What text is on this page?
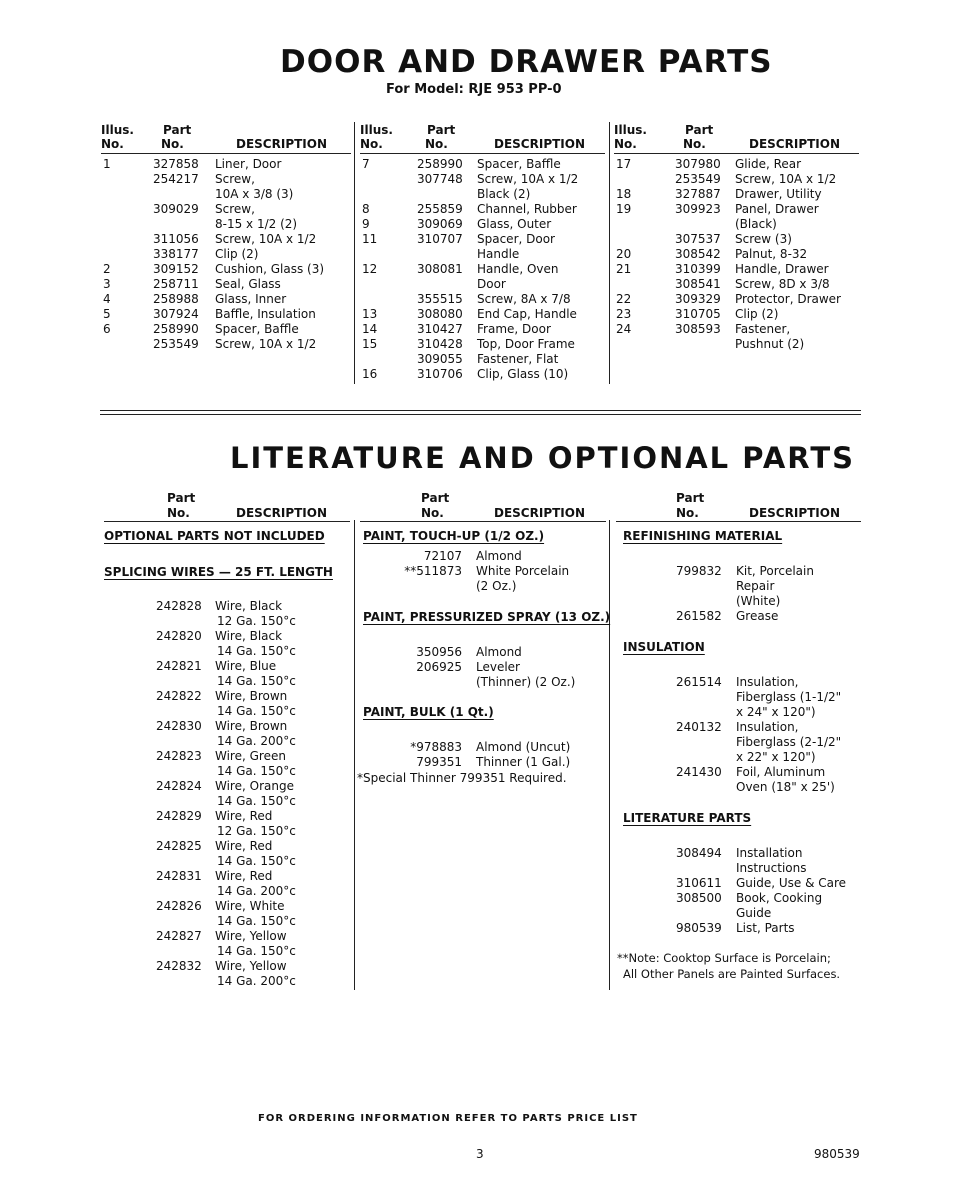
DOOR AND DRAWER PARTS
For Model: RJE 953 PP-0
Illus.
No.
Part
No.	DESCRIPTION
Illus.
No.
Part
No.	DESCRIPTION
Illus.
No.
Part
No.	DESCRIPTION
1	327858 Liner, Door
254217 Screw,
10A x 3/8 (3)
309029 Screw,
8-15 x 1/2 (2)
311056 Screw, 10A x 1/2
338177 Clip (2)
2	309152 Cushion, Glass (3)
3	258711 Seal, Glass
4	258988 Glass, Inner
5	307924 Baffle, Insulation
6	258990 Spacer, Baffle
253549 Screw, 10A x 1/2
7	258990 Spacer, Baffle
307748 Screw, 10A x 1/2
Black (2)
8	255859 Channel, Rubber
9	309069 Glass, Outer
11	310707 Spacer, Door
Handle
12	308081 Handle, Oven
Door
355515 Screw, 8A x 7/8
13	308080 End Cap, Handle
14	310427 Frame, Door
15	310428 Top, Door Frame
309055 Fastener, Flat
16	310706 Clip, Glass (10)
17	307980 Glide, Rear
253549 Screw, 10A x 1/2
18	327887 Drawer, Utility
19	309923 Panel, Drawer
(Black)
307537 Screw (3)
20	308542 Palnut, 8-32
21	310399 Handle, Drawer
308541 Screw, 8D x 3/8
22	309329 Protector, Drawer
23	310705 Clip (2)
24	308593 Fastener,
Pushnut (2)
LITERATURE AND OPTIONAL PARTS
Part
No.	DESCRIPTION
Part
No.	DESCRIPTION
Part
No.	DESCRIPTION
OPTIONAL PARTS NOT INCLUDED
SPLICING WIRES — 25 FT. LENGTH
242828 Wire, Black
12 Ga. 150°c
242820 Wire, Black
14 Ga. 150°c
242821 Wire, Blue
14 Ga. 150°c
242822 Wire, Brown
14 Ga. 150°c
242830 Wire, Brown
14 Ga. 200°c
242823 Wire, Green
14 Ga. 150°c
242824 Wire, Orange
14 Ga. 150°c
242829 Wire, Red
12 Ga. 150°c
242825 Wire, Red
14 Ga. 150°c
242831 Wire, Red
14 Ga. 200°c
242826 Wire, White
14 Ga. 150°c
242827 Wire, Yellow
14 Ga. 150°c
242832 Wire, Yellow
14 Ga. 200°c
PAINT, TOUCH-UP (1/2 OZ.)
72107 Almond
**511873 White Porcelain
(2 Oz.)
PAINT, PRESSURIZED SPRAY (13 OZ.)
350956 Almond
206925 Leveler
(Thinner) (2 Oz.)
PAINT, BULK (1 Qt.)
*978883 Almond (Uncut)
799351 Thinner (1 Gal.)
*Special Thinner 799351 Required.
REFINISHING MATERIAL
799832 Kit, Porcelain
Repair
(White)
261582 Grease
INSULATION
261514 Insulation,
Fiberglass (1-1/2"
x 24" x 120")
240132 Insulation,
Fiberglass (2-1/2"
x 22" x 120")
241430 Foil, Aluminum
Oven (18" x 25')
LITERATURE PARTS
308494 Installation
Instructions
310611 Guide, Use & Care
308500 Book, Cooking
Guide
980539 List, Parts
**Note: Cooktop Surface is Porcelain;
All Other Panels are Painted Surfaces.
FOR ORDERING INFORMATION REFER TO PARTS PRICE LIST
3	980539
